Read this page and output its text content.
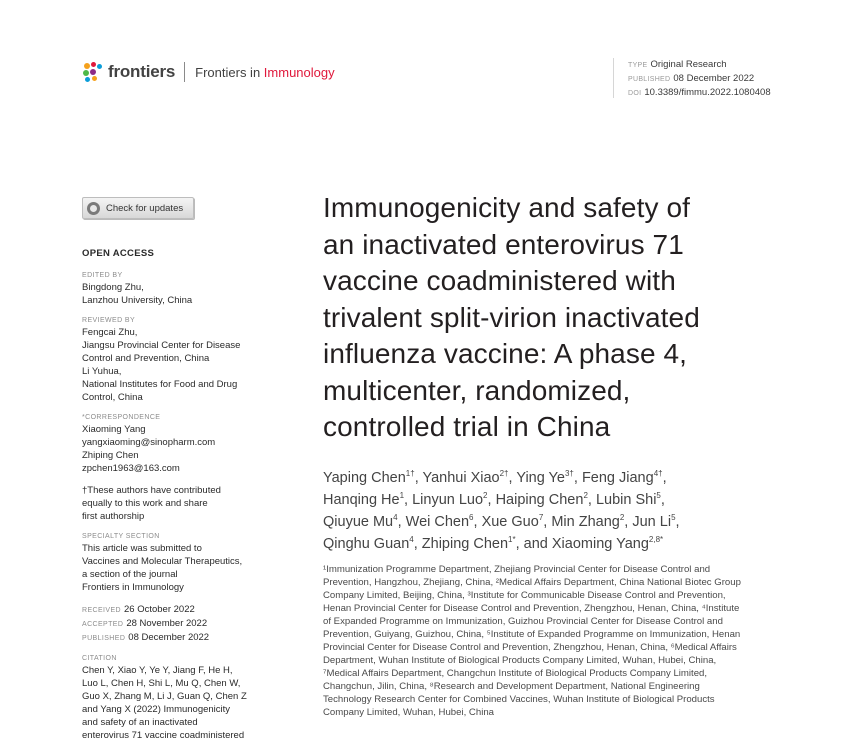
frontiers Frontiers in Immunology	TYPE Original Research
PUBLISHED 08 December 2022
DOI 10.3389/fimmu.2022.1080408
Check for updates
OPEN ACCESS
EDITED BY
Bingdong Zhu,
Lanzhou University, China
REVIEWED BY
Fengcai Zhu,
Jiangsu Provincial Center for Disease
Control and Prevention, China
Li Yuhua,
National Institutes for Food and Drug
Control, China
*CORRESPONDENCE
Xiaoming Yang
yangxiaoming@sinopharm.com
Zhiping Chen
zpchen1963@163.com
†These authors have contributed
equally to this work and share
first authorship
SPECIALTY SECTION
This article was submitted to
Vaccines and Molecular Therapeutics,
a section of the journal
Frontiers in Immunology
RECEIVED 26 October 2022
ACCEPTED 28 November 2022
PUBLISHED 08 December 2022
CITATION
Chen Y, Xiao Y, Ye Y, Jiang F, He H,
Luo L, Chen H, Shi L, Mu Q, Chen W,
Guo X, Zhang M, Li J, Guan Q, Chen Z
and Yang X (2022) Immunogenicity
and safety of an inactivated
enterovirus 71 vaccine coadministered
Immunogenicity and safety of
an inactivated enterovirus 71
vaccine coadministered with
trivalent split-virion inactivated
influenza vaccine: A phase 4,
multicenter, randomized,
controlled trial in China
Yaping Chen$^{1\dagger}$, Yanhui Xiao$^{2\dagger}$, Ying $Ye^{3\dagger}$, Feng Jiang$^{4\dagger}$,
Hanqing He$^1$, Linyun Luo$^2$, Haiping Chen$^2$, Lubin Shi$^5$,
Qiuyue Mu$^4$, Wei Chen$^6$, Xue Guo$^7$, Min Zhang$^2$, Jun Li$^5$,
Qinghu Guan$^4$, Zhiping Chen$^{1*}$, and Xiaoming Yang$^{2,8*}$
¹Immunization Programme Department, Zhejiang Provincial Center for Disease Control and
Prevention, Hangzhou, Zhejiang, China, ²Medical Affairs Department, China National Biotec Group
Company Limited, Beijing, China, ³Institute for Communicable Disease Control and Prevention,
Henan Provincial Center for Disease Control and Prevention, Zhengzhou, Henan, China, ⁴Institute
of Expanded Programme on Immunization, Guizhou Provincial Center for Disease Control and
Prevention, Guiyang, Guizhou, China, ⁵Institute of Expanded Programme on Immunization, Henan
Provincial Center for Disease Control and Prevention, Zhengzhou, Henan, China, ⁶Medical Affairs
Department, Wuhan Institute of Biological Products Company Limited, Wuhan, Hubei, China,
⁷Medical Affairs Department, Changchun Institute of Biological Products Company Limited,
Changchun, Jilin, China, ⁸Research and Development Department, National Engineering
Technology Research Center for Combined Vaccines, Wuhan Institute of Biological Products
Company Limited, Wuhan, Hubei, China
